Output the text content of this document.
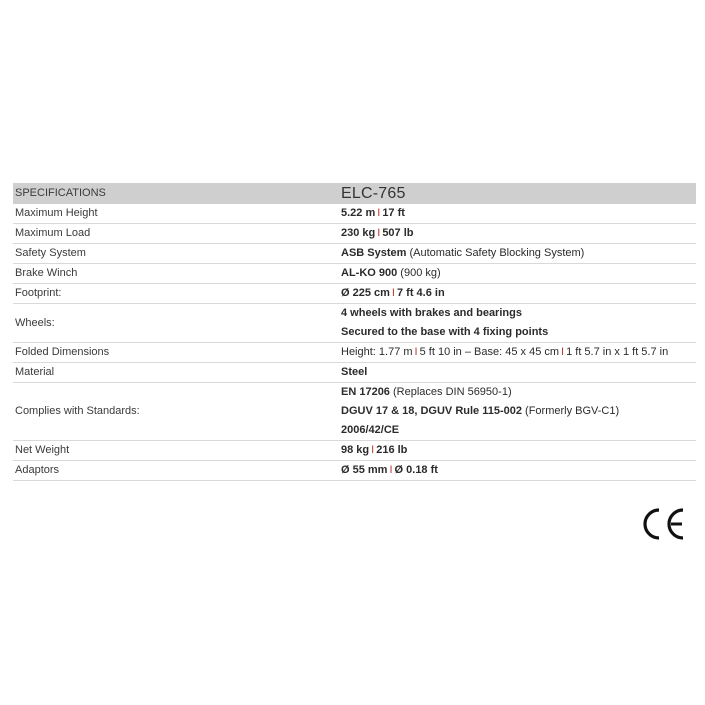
SPECIFICATIONS	ELC-765
Maximum Height	5.22 m I 17 ft

Maximum Load	230 kg I 507 lb

Safety System	ASB System (Automatic Safety Blocking System)

Brake Winch	AL-KO 900 (900 kg)

Footprint:	Ø 225 cm I 7 ft 4.6 in

Wheels:	4 wheels with brakes and bearings
Secured to the base with 4 fixing points

Folded Dimensions	Height: 1.77 m I 5 ft 10 in – Base: 45 x 45 cm I 1 ft 5.7 in x 1 ft 5.7 in

Material	Steel

Complies with Standards:	EN 17206 (Replaces DIN 56950-1)
DGUV 17 & 18, DGUV Rule 115-002 (Formerly BGV-C1)
2006/42/CE

Net Weight	98 kg I 216 lb

Adaptors	Ø 55 mm I Ø 0.18 ft
